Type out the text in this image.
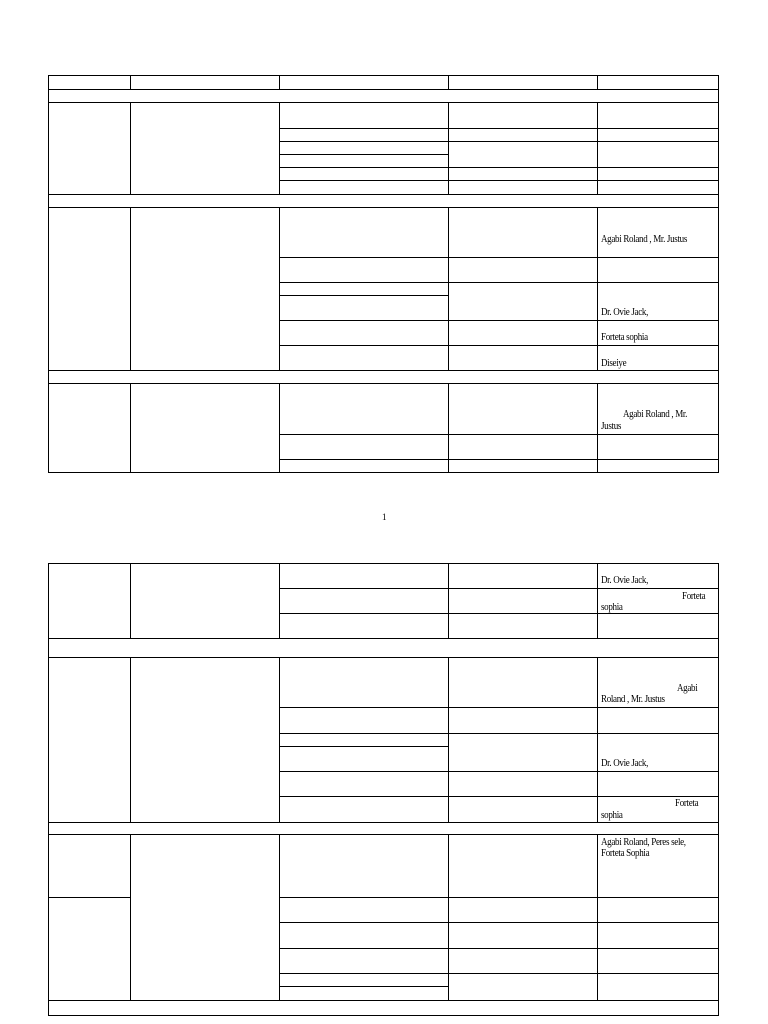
Agabi Roland , Mr. Justus
Dr. Ovie Jack,
Forteta sophia
Diseiye
Agabi Roland , Mr.
Justus
1
Dr. Ovie Jack,
Forteta
sophia
Agabi
Roland , Mr. Justus
Dr. Ovie Jack,
Forteta
sophia
Agabi Roland, Peres sele,
Forteta Sophia
